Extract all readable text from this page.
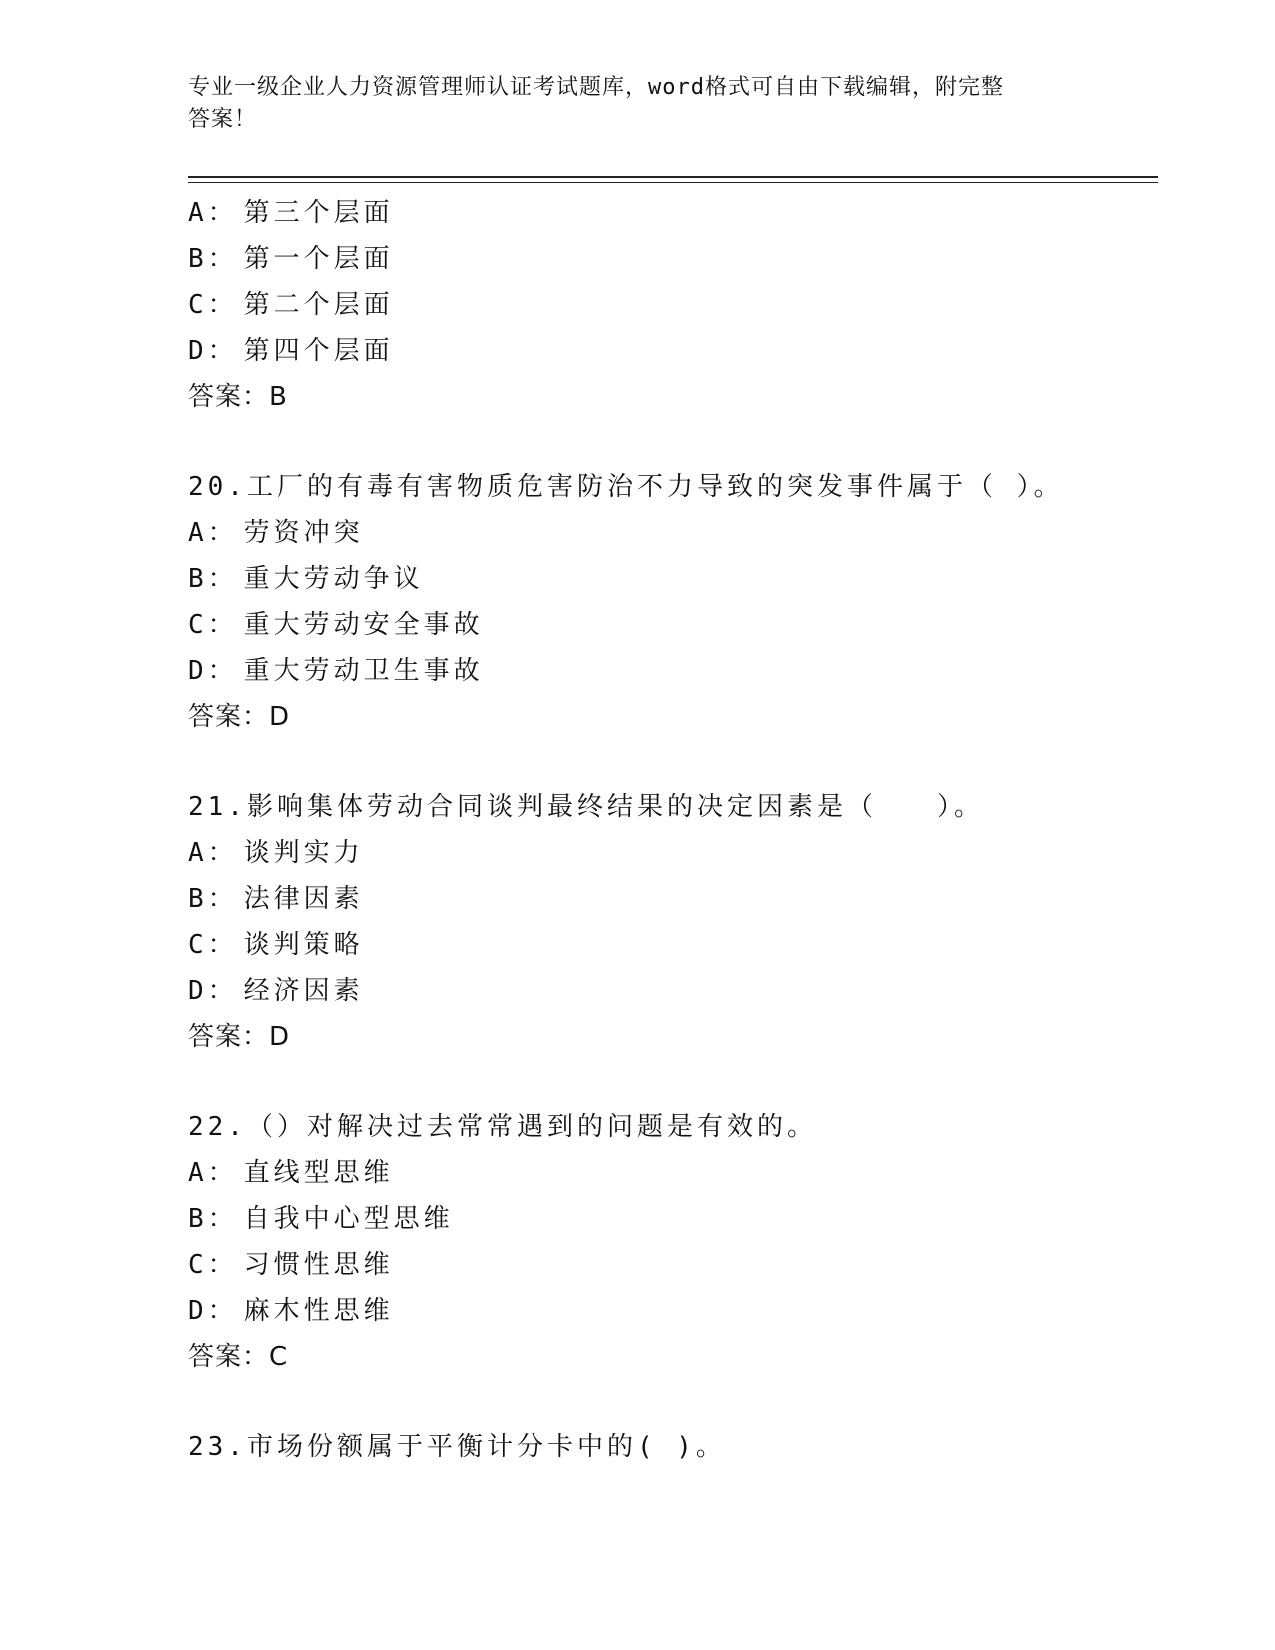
专业一级企业人力资源管理师认证考试题库，word格式可自由下载编辑，附完整
答案！
A： 第三个层面
B： 第一个层面
C： 第二个层面
D： 第四个层面
答案：B
20.工厂的有毒有害物质危害防治不力导致的突发事件属于（ ）。
A： 劳资冲突
B： 重大劳动争议
C： 重大劳动安全事故
D： 重大劳动卫生事故
答案：D
21.影响集体劳动合同谈判最终结果的决定因素是（　　）。
A： 谈判实力
B： 法律因素
C： 谈判策略
D： 经济因素
答案：D
22.（）对解决过去常常遇到的问题是有效的。
A： 直线型思维
B： 自我中心型思维
C： 习惯性思维
D： 麻木性思维
答案：C
23.市场份额属于平衡计分卡中的( )。
